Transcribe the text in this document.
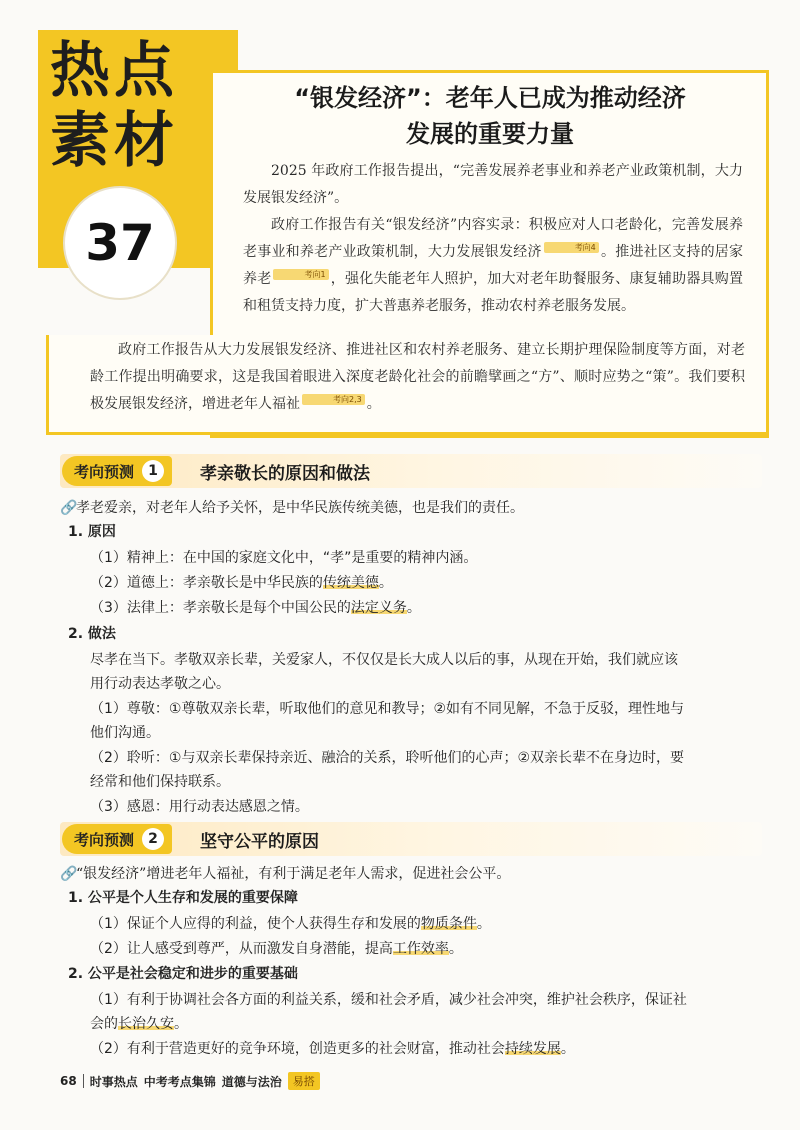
热点
素材
37
“银发经济”：老年人已成为推动经济
发展的重要力量
2025 年政府工作报告提出，“完善发展养老事业和养老产业政策机制，大力发展银发经济”。
政府工作报告有关“银发经济”内容实录：积极应对人口老龄化，完善发展养老事业和养老产业政策机制，大力发展银发经济	考向4 。推进社区支持的居家养老	考向1 ，强化失能老年人照护，加大对老年助餐服务、康复辅助器具购置和租赁支持力度，扩大普惠养老服务，推动农村养老服务发展。
政府工作报告从大力发展银发经济、推进社区和农村养老服务、建立长期护理保险制度等方面，对老龄工作提出明确要求，这是我国着眼进入深度老龄化社会的前瞻擘画之“方”、顺时应势之“策”。我们要积极发展银发经济，增进老年人福祉	考向2,3 。
考向预测	1	孝亲敬长的原因和做法
🔗孝老爱亲，对老年人给予关怀，是中华民族传统美德，也是我们的责任。
1. 原因
（1）精神上：在中国的家庭文化中，“孝”是重要的精神内涵。
（2）道德上：孝亲敬长是中华民族的传统美德。
（3）法律上：孝亲敬长是每个中国公民的法定义务。
2. 做法
尽孝在当下。孝敬双亲长辈，关爱家人，不仅仅是长大成人以后的事，从现在开始，我们就应该
用行动表达孝敬之心。
（1）尊敬：①尊敬双亲长辈，听取他们的意见和教导；②如有不同见解，不急于反驳，理性地与
他们沟通。
（2）聆听：①与双亲长辈保持亲近、融洽的关系，聆听他们的心声；②双亲长辈不在身边时，要
经常和他们保持联系。
（3）感恩：用行动表达感恩之情。
考向预测	2	坚守公平的原因
🔗“银发经济”增进老年人福祉，有利于满足老年人需求，促进社会公平。
1. 公平是个人生存和发展的重要保障
（1）保证个人应得的利益，使个人获得生存和发展的物质条件。
（2）让人感受到尊严，从而激发自身潜能，提高工作效率。
2. 公平是社会稳定和进步的重要基础
（1）有利于协调社会各方面的利益关系，缓和社会矛盾，减少社会冲突，维护社会秩序，保证社
会的长治久安。
（2）有利于营造更好的竞争环境，创造更多的社会财富，推动社会持续发展。
68 时事热点 中考考点集锦 道德与法治	易搭
